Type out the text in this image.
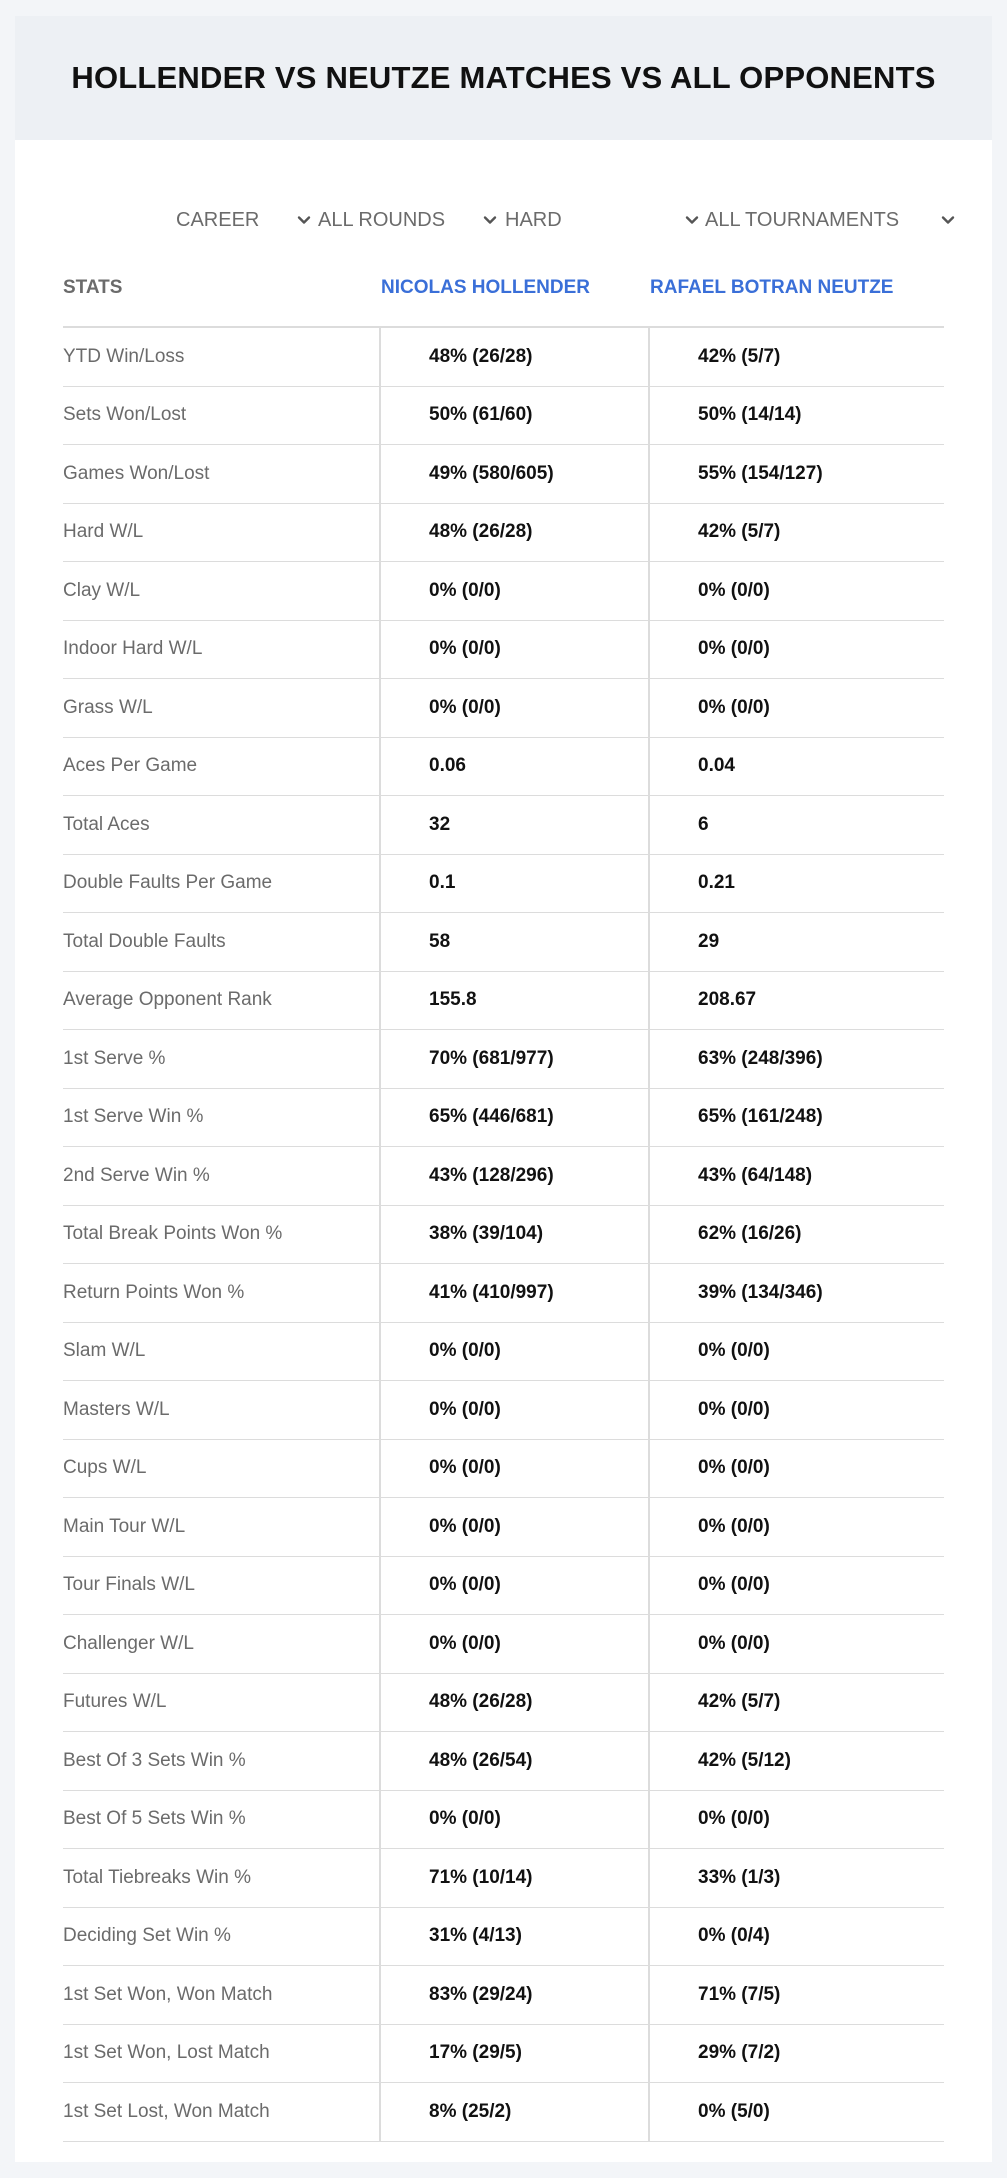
HOLLENDER VS NEUTZE MATCHES VS ALL OPPONENTS
CAREER	ALL ROUNDS	HARD	ALL TOURNAMENTS
STATS	NICOLAS HOLLENDER	RAFAEL BOTRAN NEUTZE
YTD Win/Loss	48% (26/28)	42% (5/7)
Sets Won/Lost	50% (61/60)	50% (14/14)
Games Won/Lost	49% (580/605)	55% (154/127)
Hard W/L	48% (26/28)	42% (5/7)
Clay W/L	0% (0/0)	0% (0/0)
Indoor Hard W/L	0% (0/0)	0% (0/0)
Grass W/L	0% (0/0)	0% (0/0)
Aces Per Game	0.06	0.04
Total Aces	32	6
Double Faults Per Game	0.1	0.21
Total Double Faults	58	29
Average Opponent Rank	155.8	208.67
1st Serve %	70% (681/977)	63% (248/396)
1st Serve Win %	65% (446/681)	65% (161/248)
2nd Serve Win %	43% (128/296)	43% (64/148)
Total Break Points Won %	38% (39/104)	62% (16/26)
Return Points Won %	41% (410/997)	39% (134/346)
Slam W/L	0% (0/0)	0% (0/0)
Masters W/L	0% (0/0)	0% (0/0)
Cups W/L	0% (0/0)	0% (0/0)
Main Tour W/L	0% (0/0)	0% (0/0)
Tour Finals W/L	0% (0/0)	0% (0/0)
Challenger W/L	0% (0/0)	0% (0/0)
Futures W/L	48% (26/28)	42% (5/7)
Best Of 3 Sets Win %	48% (26/54)	42% (5/12)
Best Of 5 Sets Win %	0% (0/0)	0% (0/0)
Total Tiebreaks Win %	71% (10/14)	33% (1/3)
Deciding Set Win %	31% (4/13)	0% (0/4)
1st Set Won, Won Match	83% (29/24)	71% (7/5)
1st Set Won, Lost Match	17% (29/5)	29% (7/2)
1st Set Lost, Won Match	8% (25/2)	0% (5/0)
